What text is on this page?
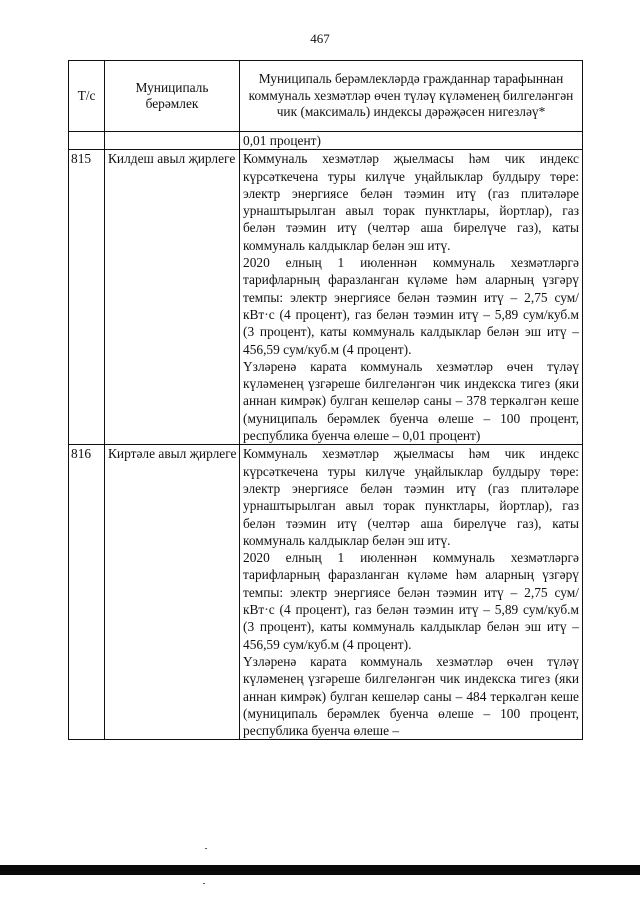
467
Т/с	Муниципаль берәмлек	Муниципаль берәмлекләрдә гражданнар тарафыннан коммуналь хезмәтләр өчен түләү күләменең билгеләнгән чик (максималь) индексы дәрәҗәсен нигезләү*
		0,01 процент)
815	Килдеш авыл җирлеге	Коммуналь хезмәтләр җыелмасы һәм чик индекс күрсәткечена туры килүче уңайлыклар булдыру төре: электр энергиясе белән тәэмин итү (газ плитәләре урнаштырылган авыл торак пунктлары, йортлар), газ белән тәэмин итү (челтәр аша бирелүче газ), каты коммуналь калдыклар белән эш итү.

2020 елның 1 июленнән коммуналь хезмәтләргә тарифларның фаразланган күләме һәм аларның үзгәрү темпы: электр энергиясе белән тәэмин итү – 2,75 сум/кВт·с (4 процент), газ белән тәэмин итү – 5,89 сум/куб.м (3 процент), каты коммуналь калдыклар белән эш итү – 456,59 сум/куб.м (4 процент).

Үзләренә карата коммуналь хезмәтләр өчен түләү күләменең үзгәреше билгеләнгән чик индекска тигез (яки аннан кимрәк) булган кешеләр саны – 378 теркәлгән кеше (муниципаль берәмлек буенча өлеше – 100 процент, республика буенча өлеше – 0,01 процент)

816	Киртәле авыл җирлеге	Коммуналь хезмәтләр җыелмасы һәм чик индекс күрсәткечена туры килүче уңайлыклар булдыру төре: электр энергиясе белән тәэмин итү (газ плитәләре урнаштырылган авыл торак пунктлары, йортлар), газ белән тәэмин итү (челтәр аша бирелүче газ), каты коммуналь калдыклар белән эш итү.

2020 елның 1 июленнән коммуналь хезмәтләргә тарифларның фаразланган күләме һәм аларның үзгәрү темпы: электр энергиясе белән тәэмин итү – 2,75 сум/кВт·с (4 процент), газ белән тәэмин итү – 5,89 сум/куб.м (3 процент), каты коммуналь калдыклар белән эш итү – 456,59 сум/куб.м (4 процент).

Үзләренә карата коммуналь хезмәтләр өчен түләү күләменең үзгәреше билгеләнгән чик индекска тигез (яки аннан кимрәк) булган кешеләр саны – 484 теркәлгән кеше (муниципаль берәмлек буенча өлеше – 100 процент, республика буенча өлеше –
